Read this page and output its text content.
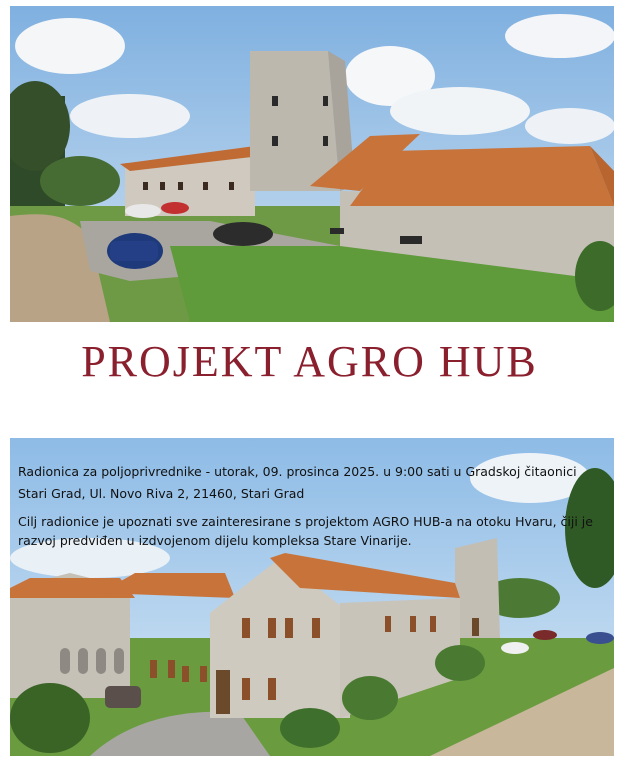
PROJEKT AGRO HUB

Radionica za poljoprivrednike - utorak, 09. prosinca 2025. u 9:00 sati u Gradskoj čitaonici

Stari Grad, Ul. Novo Riva 2, 21460, Stari Grad

Cilj radionice je upoznati sve zainteresirane s projektom AGRO HUB-a na otoku Hvaru, čiji je razvoj predviđen u izdvojenom dijelu kompleksa Stare Vinarije.
